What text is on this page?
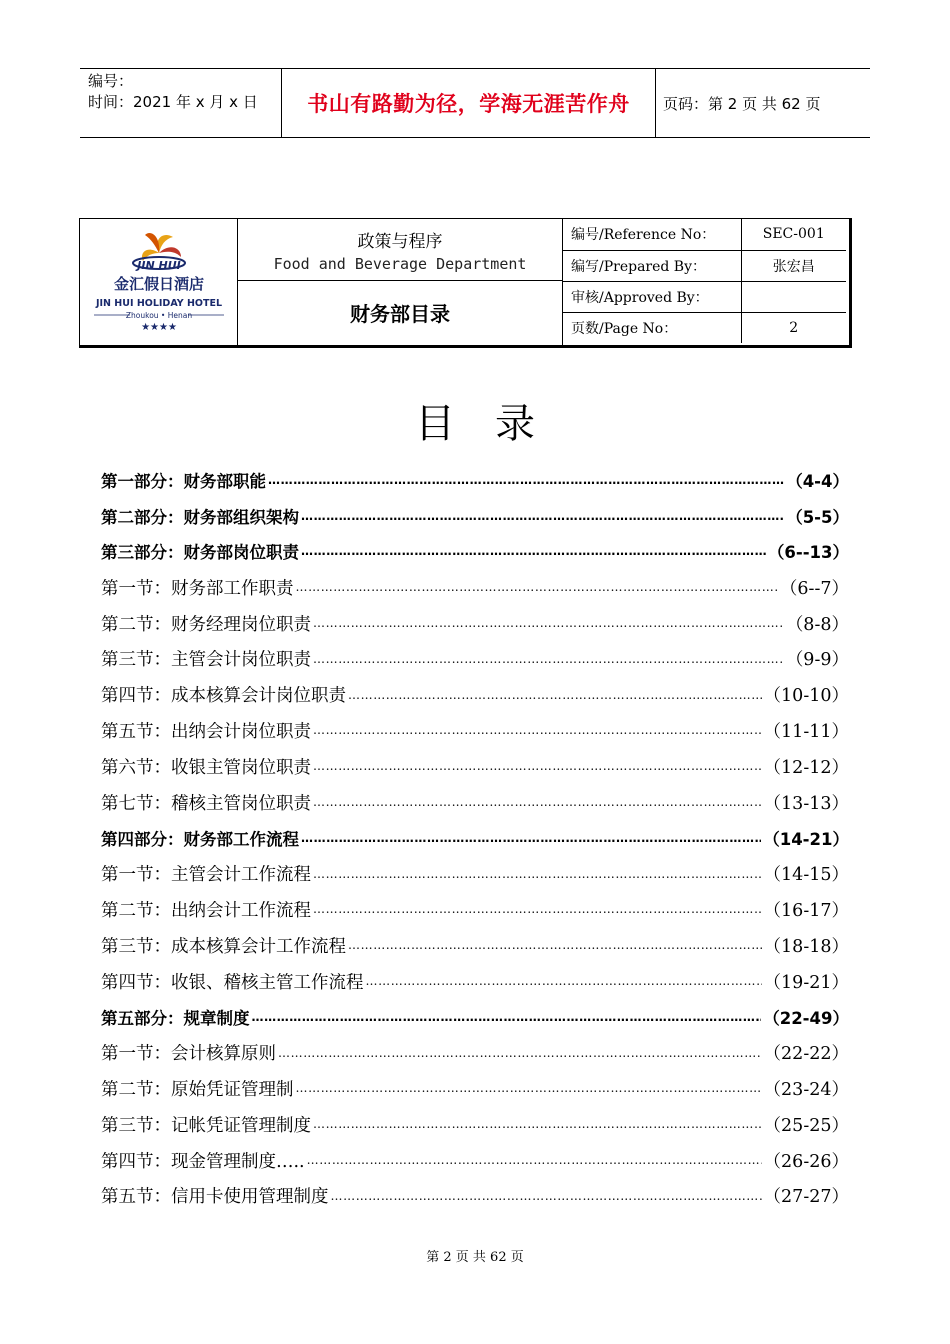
编号：
时间：2021 年 x 月 x 日	书山有路勤为径，学海无涯苦作舟	页码：第 2 页 共 62 页
JIN HUI
金汇假日酒店
JIN HUI HOLIDAY HOTEL
Zhoukou • Henan
★★★★
政策与程序
Food and Beverage Department
财务部目录
编号/Reference No：	SEC-001
编写/Prepared By：	张宏昌
审核/Approved By：	
页数/Page No：	2
目录
第一部分：财务部职能 ……………………………………………………………………………………………………………………………………………………	（4-4）
第二部分：财务部组织架构 ……………………………………………………………………………………………………………………………………………………	（5-5）
第三部分：财务部岗位职责 ……………………………………………………………………………………………………………………………………………………	（6--13）
第一节：财务部工作职责 ……………………………………………………………………………………………………………………………………………………	（6--7）
第二节：财务经理岗位职责 ……………………………………………………………………………………………………………………………………………………	（8-8）
第三节：主管会计岗位职责 ……………………………………………………………………………………………………………………………………………………	（9-9）
第四节：成本核算会计岗位职责 ……………………………………………………………………………………………………………………………………………………	（10-10）
第五节：出纳会计岗位职责 ……………………………………………………………………………………………………………………………………………………	（11-11）
第六节：收银主管岗位职责 ……………………………………………………………………………………………………………………………………………………	（12-12）
第七节：稽核主管岗位职责 ……………………………………………………………………………………………………………………………………………………	（13-13）
第四部分：财务部工作流程 ……………………………………………………………………………………………………………………………………………………	（14-21）
第一节：主管会计工作流程 ……………………………………………………………………………………………………………………………………………………	（14-15）
第二节：出纳会计工作流程 ……………………………………………………………………………………………………………………………………………………	（16-17）
第三节：成本核算会计工作流程 ……………………………………………………………………………………………………………………………………………………	（18-18）
第四节：收银、稽核主管工作流程 ……………………………………………………………………………………………………………………………………………………	（19-21）
第五部分：规章制度 ……………………………………………………………………………………………………………………………………………………	（22-49）
第一节：会计核算原则 ……………………………………………………………………………………………………………………………………………………	（22-22）
第二节：原始凭证管理制 ……………………………………………………………………………………………………………………………………………………	（23-24）
第三节：记帐凭证管理制度 ……………………………………………………………………………………………………………………………………………………	（25-25）
第四节：现金管理制度….. ……………………………………………………………………………………………………………………………………………………	（26-26）
第五节：信用卡使用管理制度 ……………………………………………………………………………………………………………………………………………………	（27-27）
第 2 页 共 62 页
